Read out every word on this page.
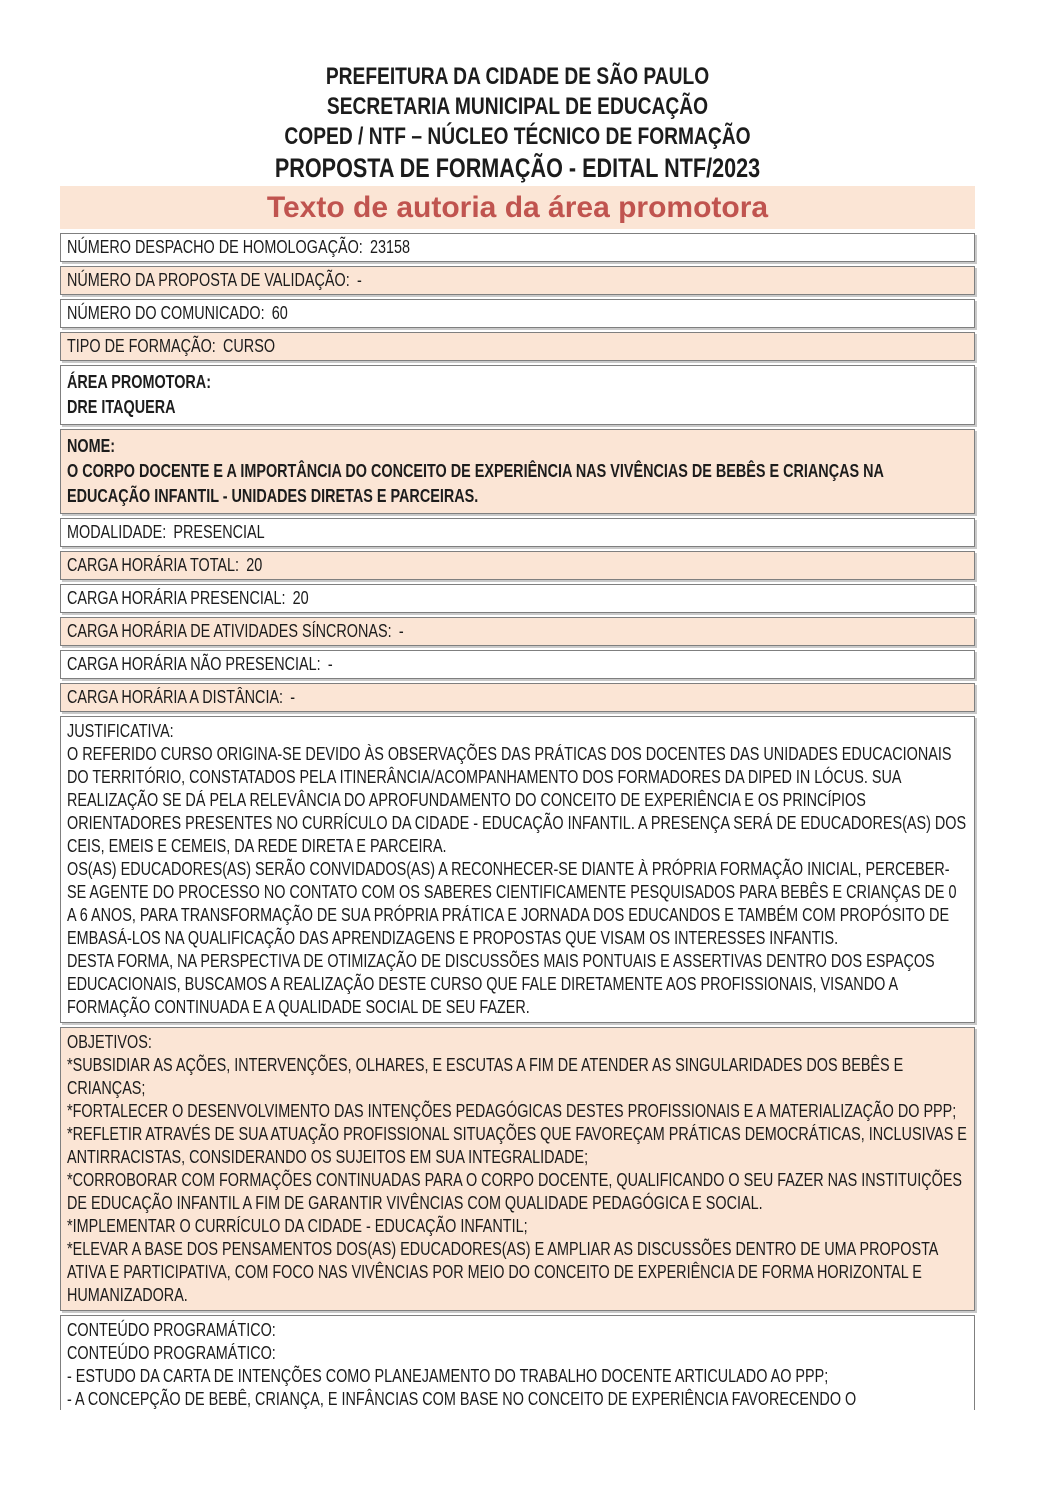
PREFEITURA DA CIDADE DE SÃO PAULO
SECRETARIA MUNICIPAL DE EDUCAÇÃO
COPED / NTF – NÚCLEO TÉCNICO DE FORMAÇÃO
PROPOSTA DE FORMAÇÃO - EDITAL NTF/2023
Texto de autoria da área promotora
NÚMERO DESPACHO DE HOMOLOGAÇÃO: 23158
NÚMERO DA PROPOSTA DE VALIDAÇÃO: -
NÚMERO DO COMUNICADO: 60
TIPO DE FORMAÇÃO: CURSO
ÁREA PROMOTORA:
DRE ITAQUERA
NOME:
O CORPO DOCENTE E A IMPORTÂNCIA DO CONCEITO DE EXPERIÊNCIA NAS VIVÊNCIAS DE BEBÊS E CRIANÇAS NA EDUCAÇÃO INFANTIL - UNIDADES DIRETAS E PARCEIRAS.
MODALIDADE: PRESENCIAL
CARGA HORÁRIA TOTAL: 20
CARGA HORÁRIA PRESENCIAL: 20
CARGA HORÁRIA DE ATIVIDADES SÍNCRONAS: -
CARGA HORÁRIA NÃO PRESENCIAL: -
CARGA HORÁRIA A DISTÂNCIA: -
JUSTIFICATIVA:
O REFERIDO CURSO ORIGINA-SE DEVIDO ÀS OBSERVAÇÕES DAS PRÁTICAS DOS DOCENTES DAS UNIDADES EDUCACIONAIS DO TERRITÓRIO, CONSTATADOS PELA ITINERÂNCIA/ACOMPANHAMENTO DOS FORMADORES DA DIPED IN LÓCUS. SUA REALIZAÇÃO SE DÁ PELA RELEVÂNCIA DO APROFUNDAMENTO DO CONCEITO DE EXPERIÊNCIA E OS PRINCÍPIOS ORIENTADORES PRESENTES NO CURRÍCULO DA CIDADE - EDUCAÇÃO INFANTIL. A PRESENÇA SERÁ DE EDUCADORES(AS) DOS CEIS, EMEIS E CEMEIS, DA REDE DIRETA E PARCEIRA.
OS(AS) EDUCADORES(AS) SERÃO CONVIDADOS(AS) A RECONHECER-SE DIANTE À PRÓPRIA FORMAÇÃO INICIAL, PERCEBER-SE AGENTE DO PROCESSO NO CONTATO COM OS SABERES CIENTIFICAMENTE PESQUISADOS PARA BEBÊS E CRIANÇAS DE 0 A 6 ANOS, PARA TRANSFORMAÇÃO DE SUA PRÓPRIA PRÁTICA E JORNADA DOS EDUCANDOS E TAMBÉM COM PROPÓSITO DE EMBASÁ-LOS NA QUALIFICAÇÃO DAS APRENDIZAGENS E PROPOSTAS QUE VISAM OS INTERESSES INFANTIS.
DESTA FORMA, NA PERSPECTIVA DE OTIMIZAÇÃO DE DISCUSSÕES MAIS PONTUAIS E ASSERTIVAS DENTRO DOS ESPAÇOS EDUCACIONAIS, BUSCAMOS A REALIZAÇÃO DESTE CURSO QUE FALE DIRETAMENTE AOS PROFISSIONAIS, VISANDO A FORMAÇÃO CONTINUADA E A QUALIDADE SOCIAL DE SEU FAZER.
OBJETIVOS:
*SUBSIDIAR AS AÇÕES, INTERVENÇÕES, OLHARES, E ESCUTAS A FIM DE ATENDER AS SINGULARIDADES DOS BEBÊS E CRIANÇAS;
*FORTALECER O DESENVOLVIMENTO DAS INTENÇÕES PEDAGÓGICAS DESTES PROFISSIONAIS E A MATERIALIZAÇÃO DO PPP;
*REFLETIR ATRAVÉS DE SUA ATUAÇÃO PROFISSIONAL SITUAÇÕES QUE FAVOREÇAM PRÁTICAS DEMOCRÁTICAS, INCLUSIVAS E ANTIRRACISTAS, CONSIDERANDO OS SUJEITOS EM SUA INTEGRALIDADE;
*CORROBORAR COM FORMAÇÕES CONTINUADAS PARA O CORPO DOCENTE, QUALIFICANDO O SEU FAZER NAS INSTITUIÇÕES DE EDUCAÇÃO INFANTIL A FIM DE GARANTIR VIVÊNCIAS COM QUALIDADE PEDAGÓGICA E SOCIAL.
*IMPLEMENTAR O CURRÍCULO DA CIDADE - EDUCAÇÃO INFANTIL;
*ELEVAR A BASE DOS PENSAMENTOS DOS(AS) EDUCADORES(AS) E AMPLIAR AS DISCUSSÕES DENTRO DE UMA PROPOSTA ATIVA E PARTICIPATIVA, COM FOCO NAS VIVÊNCIAS POR MEIO DO CONCEITO DE EXPERIÊNCIA DE FORMA HORIZONTAL E HUMANIZADORA.
CONTEÚDO PROGRAMÁTICO:
CONTEÚDO PROGRAMÁTICO:
- ESTUDO DA CARTA DE INTENÇÕES COMO PLANEJAMENTO DO TRABALHO DOCENTE ARTICULADO AO PPP;
- A CONCEPÇÃO DE BEBÊ, CRIANÇA, E INFÂNCIAS COM BASE NO CONCEITO DE EXPERIÊNCIA FAVORECENDO O
